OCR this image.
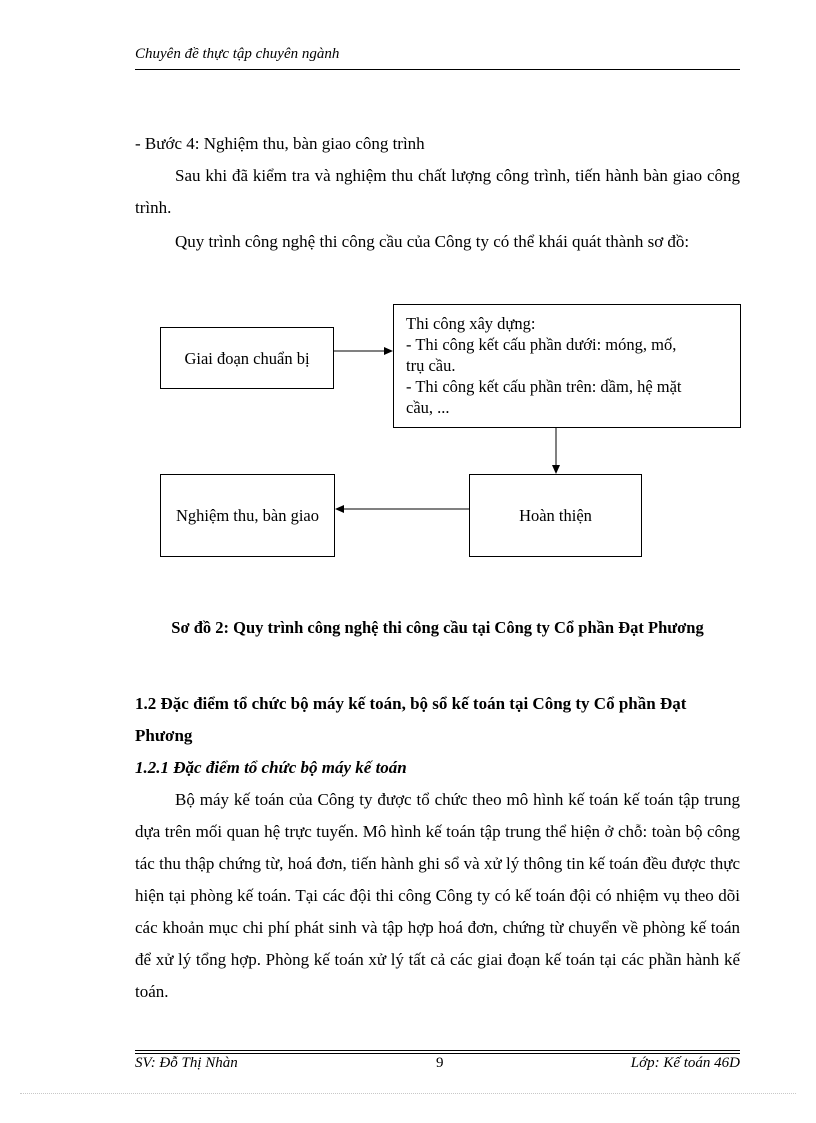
Chuyên đề thực tập chuyên ngành
- Bước 4: Nghiệm thu, bàn giao công trình
Sau khi đã kiểm tra và nghiệm thu chất lượng công trình, tiến hành bàn giao công trình.
Quy trình công nghệ thi công cầu của Công ty có thể khái quát thành sơ đồ:
Giai đoạn chuẩn bị
Thi công xây dựng:
- Thi công kết cấu phần dưới: móng, mố,
trụ cầu.
- Thi công kết cấu phần trên: dầm, hệ mặt
cầu, ...
Hoàn thiện
Nghiệm thu, bàn giao
Sơ đồ 2: Quy trình công nghệ thi công cầu tại Công ty Cổ phần Đạt Phương
1.2 Đặc điểm tổ chức bộ máy kế toán, bộ sổ kế toán tại Công ty Cổ phần Đạt Phương
1.2.1 Đặc điểm tổ chức bộ máy kế toán
Bộ máy kế toán của Công ty được tổ chức theo mô hình kế toán kế toán tập trung dựa trên mối quan hệ trực tuyến. Mô hình kế toán tập trung thể hiện ở chỗ: toàn bộ công tác thu thập chứng từ, hoá đơn, tiến hành ghi sổ và xử lý thông tin kế toán đều được thực hiện tại phòng kế toán. Tại các đội thi công Công ty có kế toán đội có nhiệm vụ theo dõi các khoản mục chi phí phát sinh và tập hợp hoá đơn, chứng từ chuyển về phòng kế toán để xử lý tổng hợp. Phòng kế toán xử lý tất cả các giai đoạn kế toán tại các phần hành kế toán.
SV: Đỗ Thị Nhàn	9	Lớp: Kế toán 46D
